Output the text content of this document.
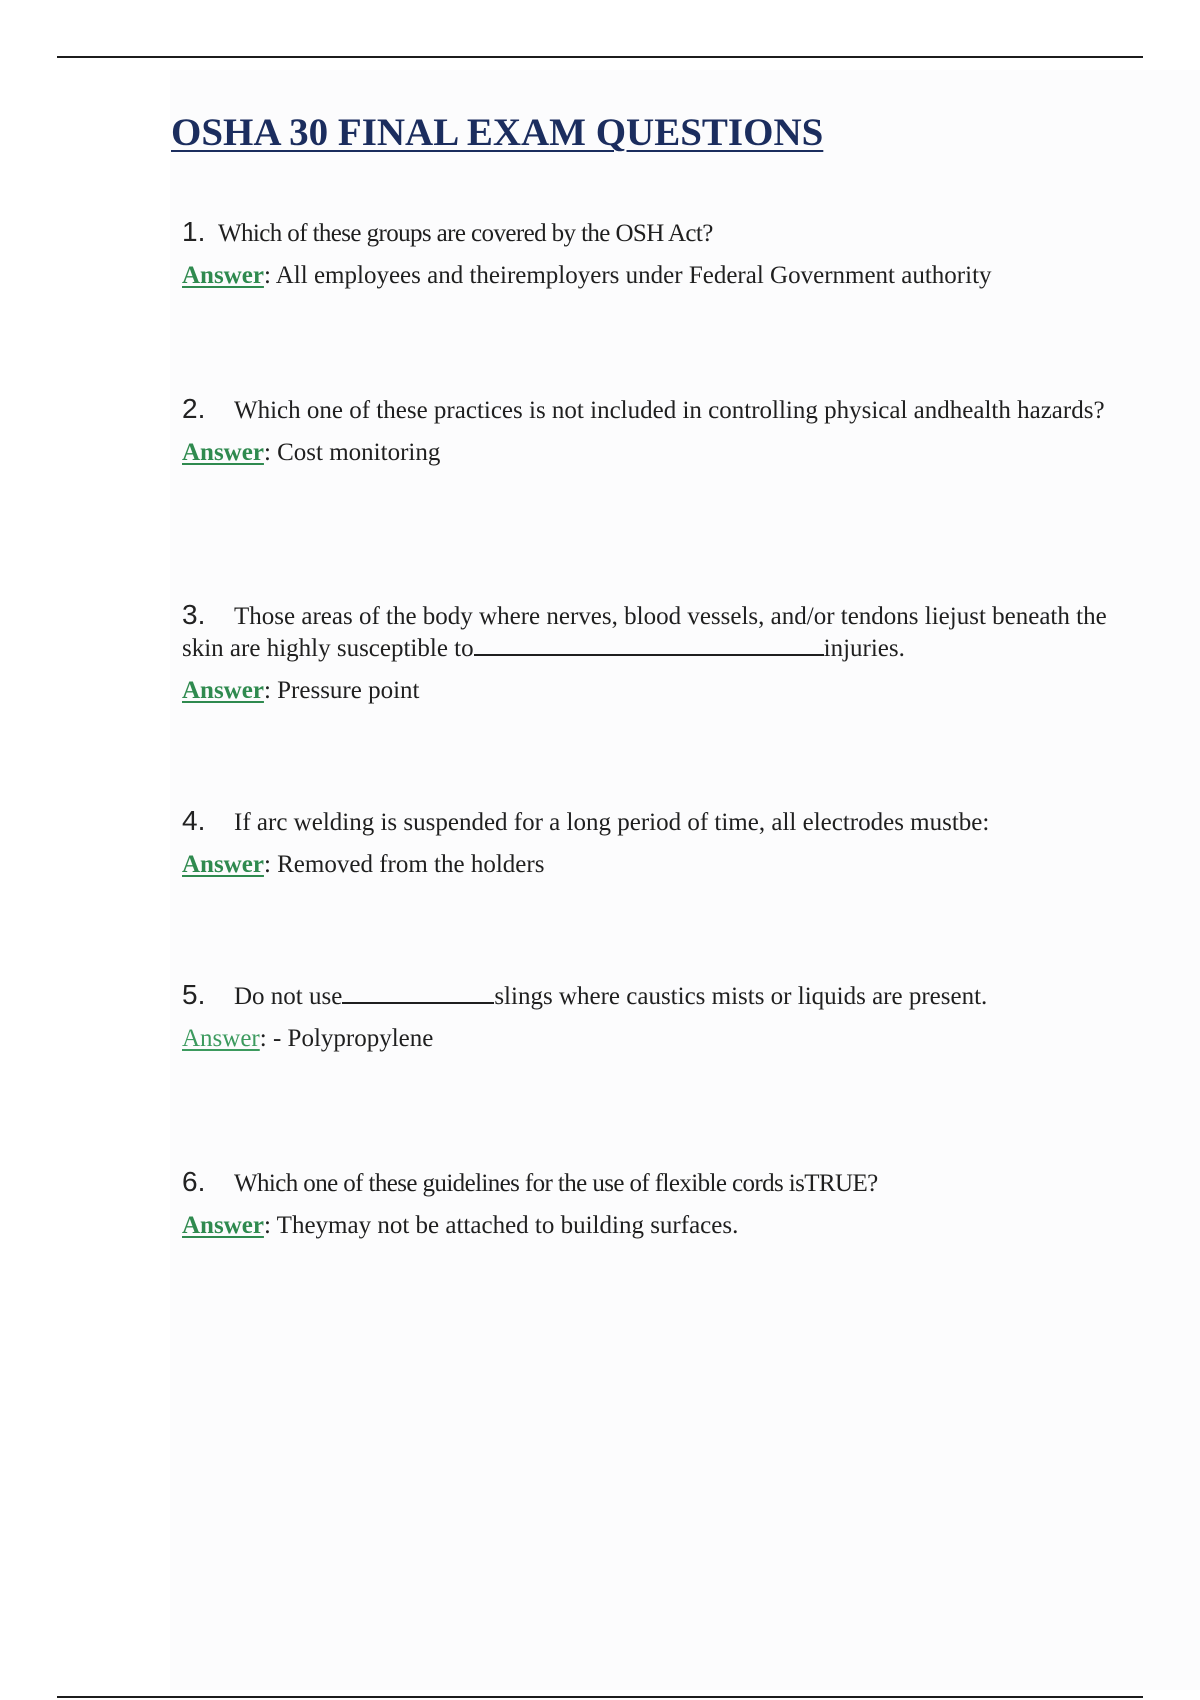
OSHA 30 FINAL EXAM QUESTIONS
1. Which of these groups are covered by the OSH Act?
Answer: All employees and theiremployers under Federal Government authority
2. Which one of these practices is not included in controlling physical andhealth hazards?
Answer: Cost monitoring
3. Those areas of the body where nerves, blood vessels, and/or tendons liejust beneath the skin are highly susceptible to	injuries.
Answer: Pressure point
4. If arc welding is suspended for a long period of time, all electrodes mustbe:
Answer: Removed from the holders
5. Do not use	slings where caustics mists or liquids are present.
Answer: - Polypropylene
6. Which one of these guidelines for the use of flexible cords isTRUE?
Answer: Theymay not be attached to building surfaces.
